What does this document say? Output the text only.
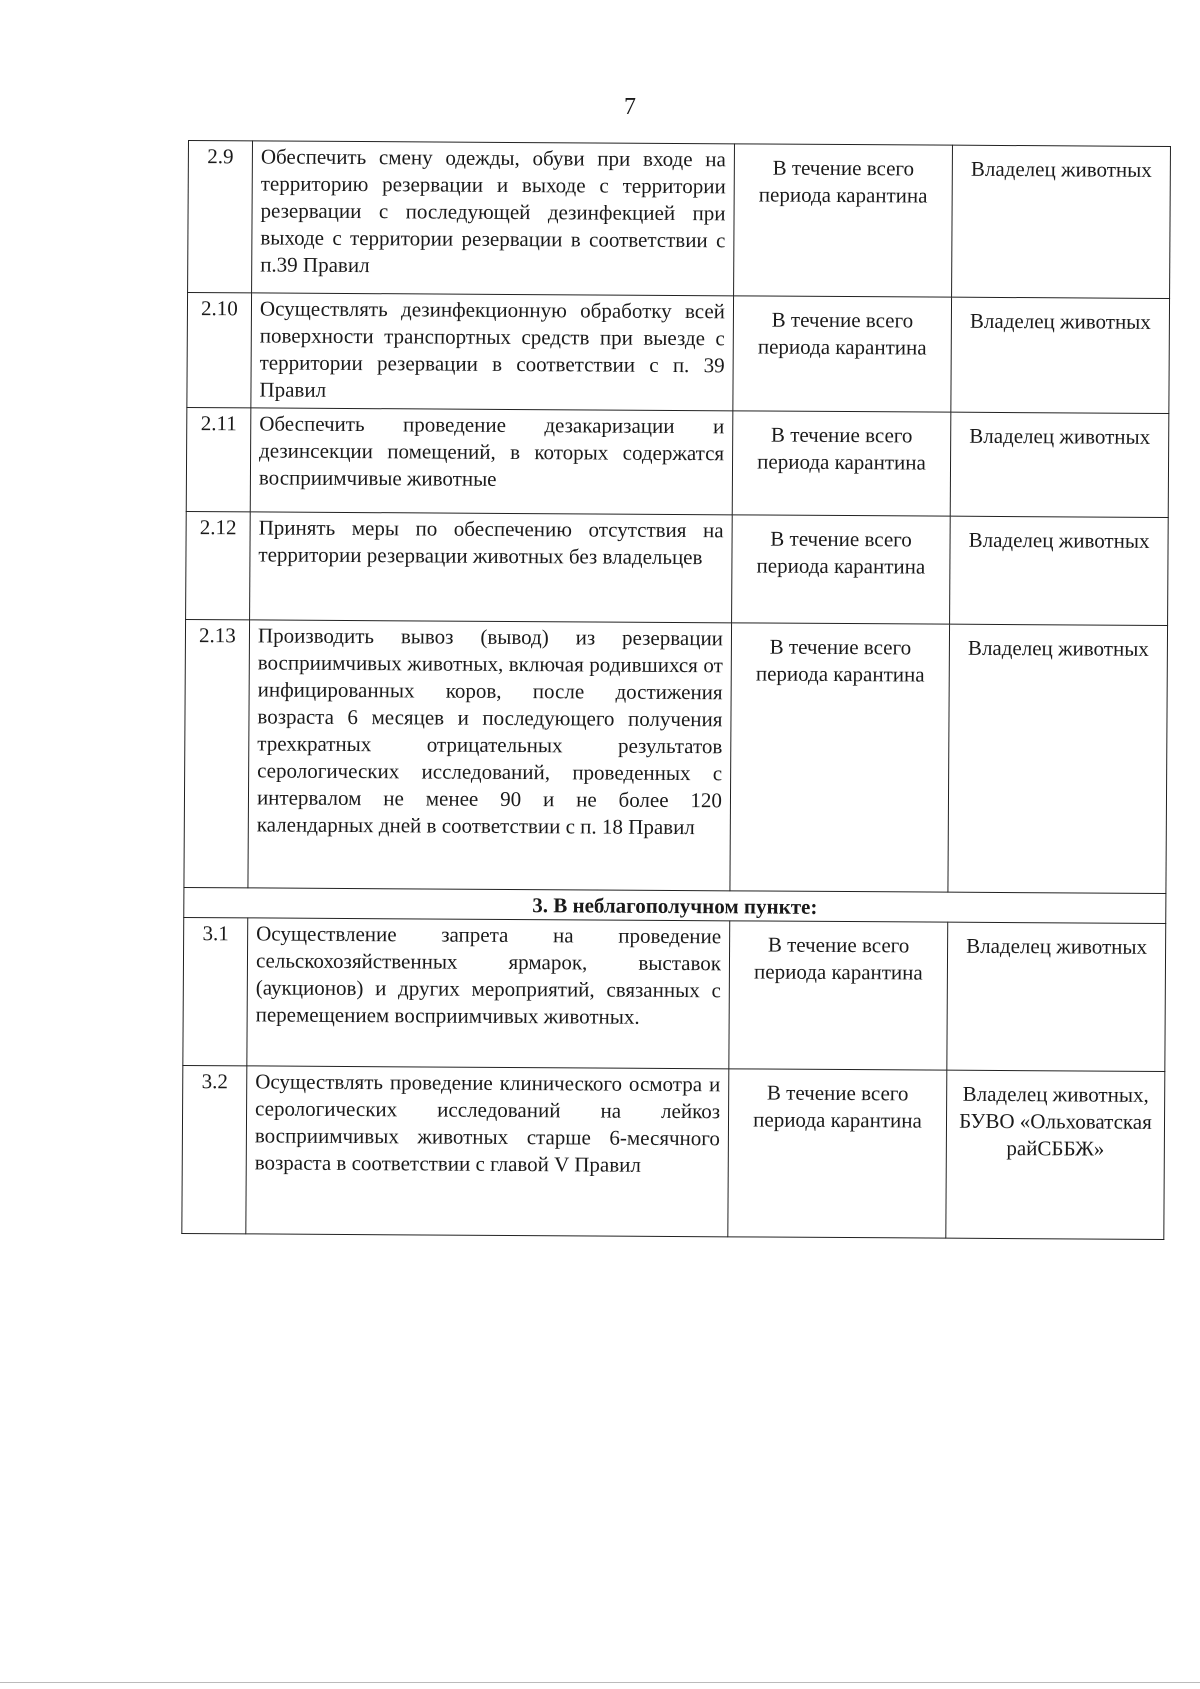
7
2.9	Обеспечить смену одежды, обуви при входе на территорию резервации и выходе с территории резервации с последующей дезинфекцией при выходе с территории резервации в соответствии с п.39 Правил	В течение всего периода карантина	Владелец животных
2.10	Осуществлять дезинфекционную обработку всей поверхности транспортных средств при выезде с территории резервации в соответствии с п. 39 Правил	В течение всего периода карантина	Владелец животных
2.11	Обеспечить проведение дезакаризации и дезинсекции помещений, в которых содержатся восприимчивые животные	В течение всего периода карантина	Владелец животных
2.12	Принять меры по обеспечению отсутствия на территории резервации животных без владельцев	В течение всего периода карантина	Владелец животных
2.13	Производить вывоз (вывод) из резервации восприимчивых животных, включая родившихся от инфицированных коров, после достижения возраста 6 месяцев и последующего получения трехкратных отрицательных результатов серологических исследований, проведенных с интервалом не менее 90 и не более 120 календарных дней в соответствии с п. 18 Правил	В течение всего периода карантина	Владелец животных
3. В неблагополучном пункте:			
3.1	Осуществление запрета на проведение сельскохозяйственных ярмарок, выставок (аукционов) и других мероприятий, связанных с перемещением восприимчивых животных.	В течение всего периода карантина	Владелец животных
3.2	Осуществлять проведение клинического осмотра и серологических исследований на лейкоз восприимчивых животных старше 6-месячного возраста в соответствии с главой V Правил	В течение всего периода карантина	Владелец животных, БУВО «Ольховатская райСББЖ»
